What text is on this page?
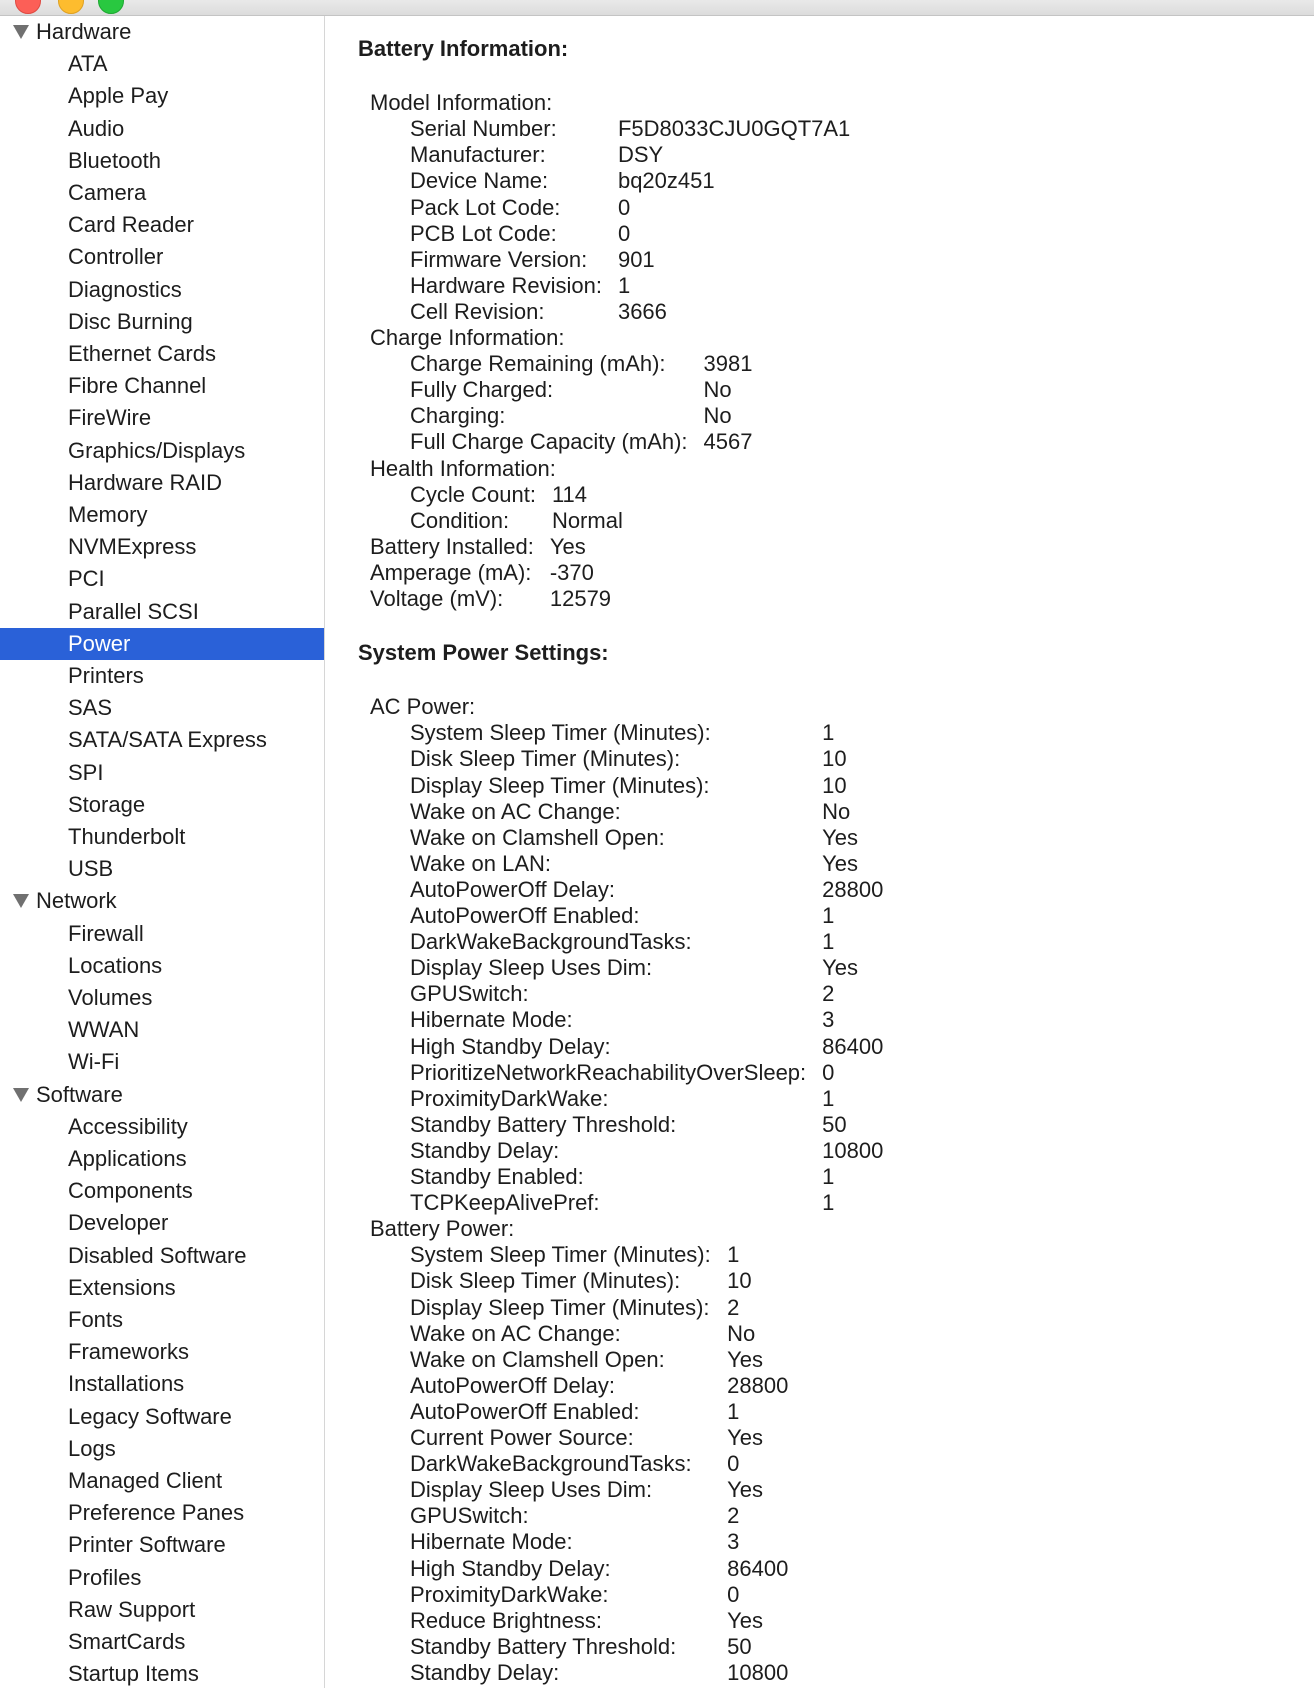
Hardware
ATA
Apple Pay
Audio
Bluetooth
Camera
Card Reader
Controller
Diagnostics
Disc Burning
Ethernet Cards
Fibre Channel
FireWire
Graphics/Displays
Hardware RAID
Memory
NVMExpress
PCI
Parallel SCSI
Power
Printers
SAS
SATA/SATA Express
SPI
Storage
Thunderbolt
USB
Network
Firewall
Locations
Volumes
WWAN
Wi-Fi
Software
Accessibility
Applications
Components
Developer
Disabled Software
Extensions
Fonts
Frameworks
Installations
Legacy Software
Logs
Managed Client
Preference Panes
Printer Software
Profiles
Raw Support
SmartCards
Startup Items
Battery Information:
Model Information:
Serial Number:	F5D8033CJU0GQT7A1
Manufacturer:	DSY
Device Name:	bq20z451
Pack Lot Code:	0
PCB Lot Code:	0
Firmware Version: 901
Hardware Revision: 1
Cell Revision:	3666
Charge Information:
Charge Remaining (mAh): 3981
Fully Charged:	No
Charging:	No
Full Charge Capacity (mAh): 4567
Health Information:
Cycle Count: 114
Condition: Normal
Battery Installed: Yes
Amperage (mA): -370
Voltage (mV): 12579
System Power Settings:
AC Power:
System Sleep Timer (Minutes):	1
Disk Sleep Timer (Minutes):	10
Display Sleep Timer (Minutes):	10
Wake on AC Change:	No
Wake on Clamshell Open:	Yes
Wake on LAN:	Yes
AutoPowerOff Delay:	28800
AutoPowerOff Enabled:	1
DarkWakeBackgroundTasks:	1
Display Sleep Uses Dim:	Yes
GPUSwitch:	2
Hibernate Mode:	3
High Standby Delay:	86400
PrioritizeNetworkReachabilityOverSleep: 0
ProximityDarkWake:	1
Standby Battery Threshold:	50
Standby Delay:	10800
Standby Enabled:	1
TCPKeepAlivePref:	1
Battery Power:
System Sleep Timer (Minutes): 1
Disk Sleep Timer (Minutes): 10
Display Sleep Timer (Minutes): 2
Wake on AC Change:	No
Wake on Clamshell Open:	Yes
AutoPowerOff Delay:	28800
AutoPowerOff Enabled:	1
Current Power Source:	Yes
DarkWakeBackgroundTasks: 0
Display Sleep Uses Dim:	Yes
GPUSwitch:	2
Hibernate Mode:	3
High Standby Delay:	86400
ProximityDarkWake:	0
Reduce Brightness:	Yes
Standby Battery Threshold: 50
Standby Delay:	10800
